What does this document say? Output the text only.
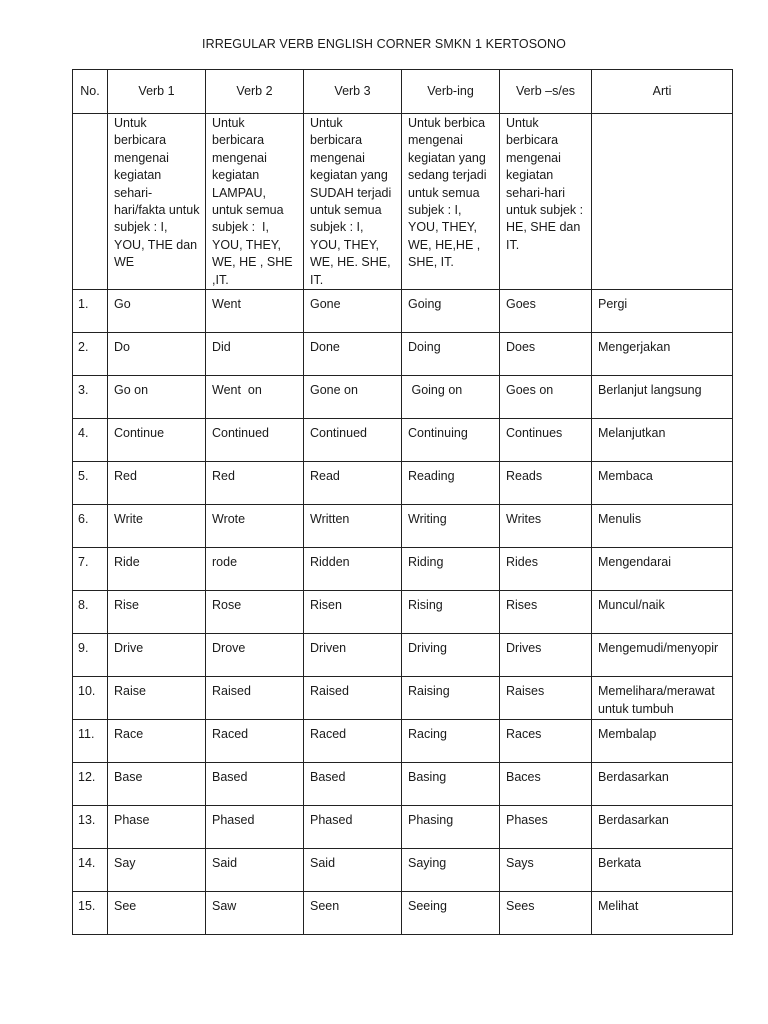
IRREGULAR VERB ENGLISH CORNER SMKN 1 KERTOSONO
No.	Verb 1	Verb 2	Verb 3	Verb-ing	Verb –s/es	Arti
	Untuk berbicara mengenai kegiatan sehari-hari/fakta untuk subjek : I, YOU, THE dan WE	Untuk berbicara mengenai kegiatan LAMPAU, untuk semua subjek :  I, YOU, THEY, WE, HE , SHE ,IT.	Untuk berbicara mengenai kegiatan yang SUDAH terjadi untuk semua subjek : I, YOU, THEY, WE, HE. SHE, IT.	Untuk berbica mengenai kegiatan yang sedang terjadi untuk semua subjek : I, YOU, THEY, WE, HE,HE , SHE, IT.	Untuk berbicara mengenai kegiatan sehari-hari untuk subjek : HE, SHE dan IT.	
1.	Go	Went	Gone	Going	Goes	Pergi
2.	Do	Did	Done	Doing	Does	Mengerjakan
3.	Go on	Went  on	Gone on	Going on	Goes on	Berlanjut langsung
4.	Continue	Continued	Continued	Continuing	Continues	Melanjutkan
5.	Red	Red	Read	Reading	Reads	Membaca
6.	Write	Wrote	Written	Writing	Writes	Menulis
7.	Ride	rode	Ridden	Riding	Rides	Mengendarai
8.	Rise	Rose	Risen	Rising	Rises	Muncul/naik
9.	Drive	Drove	Driven	Driving	Drives	Mengemudi/menyopir
10.	Raise	Raised	Raised	Raising	Raises	Memelihara/merawat untuk tumbuh
11.	Race	Raced	Raced	Racing	Races	Membalap
12.	Base	Based	Based	Basing	Baces	Berdasarkan
13.	Phase	Phased	Phased	Phasing	Phases	Berdasarkan
14.	Say	Said	Said	Saying	Says	Berkata
15.	See	Saw	Seen	Seeing	Sees	Melihat
